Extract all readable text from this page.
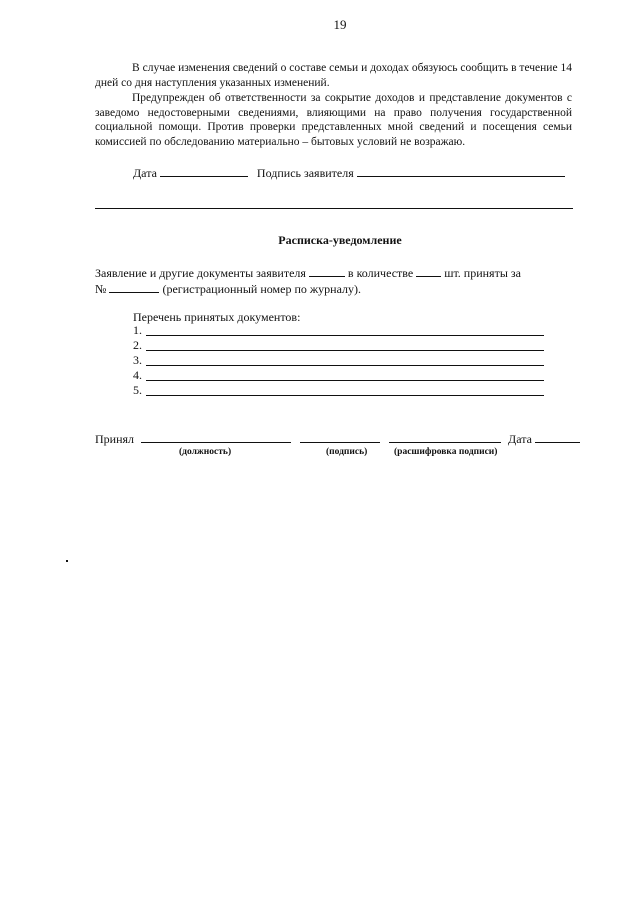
19

В случае изменения сведений о составе семьи и доходах обязуюсь сообщить в течение 14 дней со дня наступления указанных изменений.

Предупрежден об ответственности за сокрытие доходов и представление документов с заведомо недостоверными сведениями, влияющими на право получения государственной социальной помощи. Против проверки представленных мной сведений и посещения семьи комиссией по обследованию материально – бытовых условий не возражаю.

Дата	Подпись заявителя
Расписка-уведомление
Заявление и другие документы заявителя	в количестве	шт. приняты за
№	(регистрационный номер по журналу).
Перечень принятых документов:
1.
2.
3.
4.
5.
Принял	Дата
(должность)	(подпись)	(расшифровка подписи)
